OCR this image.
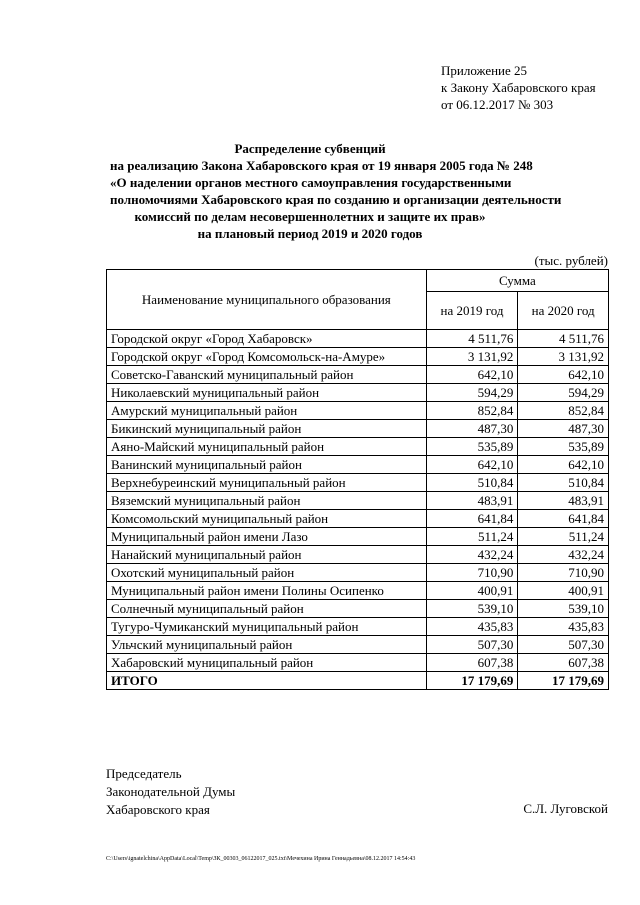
Приложение 25
к Закону Хабаровского края
от 06.12.2017 № 303
Распределение субвенций
на реализацию Закона Хабаровского края от 19 января 2005 года № 248
«О наделении органов местного самоуправления государственными
полномочиями Хабаровского края по созданию и организации деятельности
комиссий по делам несовершеннолетних и защите их прав»
на плановый период 2019 и 2020 годов
(тыс. рублей)
Наименование муниципального образования	Сумма	
	на 2019 год	на 2020 год
Городской округ «Город Хабаровск»	4 511,76	4 511,76
Городской округ «Город Комсомольск-на-Амуре»	3 131,92	3 131,92
Советско-Гаванский муниципальный район	642,10	642,10
Николаевский муниципальный район	594,29	594,29
Амурский муниципальный район	852,84	852,84
Бикинский муниципальный район	487,30	487,30
Аяно-Майский муниципальный район	535,89	535,89
Ванинский муниципальный район	642,10	642,10
Верхнебуреинский муниципальный район	510,84	510,84
Вяземский муниципальный район	483,91	483,91
Комсомольский муниципальный район	641,84	641,84
Муниципальный район имени Лазо	511,24	511,24
Нанайский муниципальный район	432,24	432,24
Охотский муниципальный район	710,90	710,90
Муниципальный район имени Полины Осипенко	400,91	400,91
Солнечный муниципальный район	539,10	539,10
Тугуро-Чумиканский муниципальный район	435,83	435,83
Ульчский муниципальный район	507,30	507,30
Хабаровский муниципальный район	607,38	607,38
ИТОГО	17 179,69	17 179,69
Председатель
Законодательной Думы
Хабаровского края	С.Л. Луговской
C:\Users\ignatelchina\AppData\Local\Temp\ЗК_00303_06122017_025.txt\Мечехина Ирина Геннадьевна\08.12.2017 14:54:43
